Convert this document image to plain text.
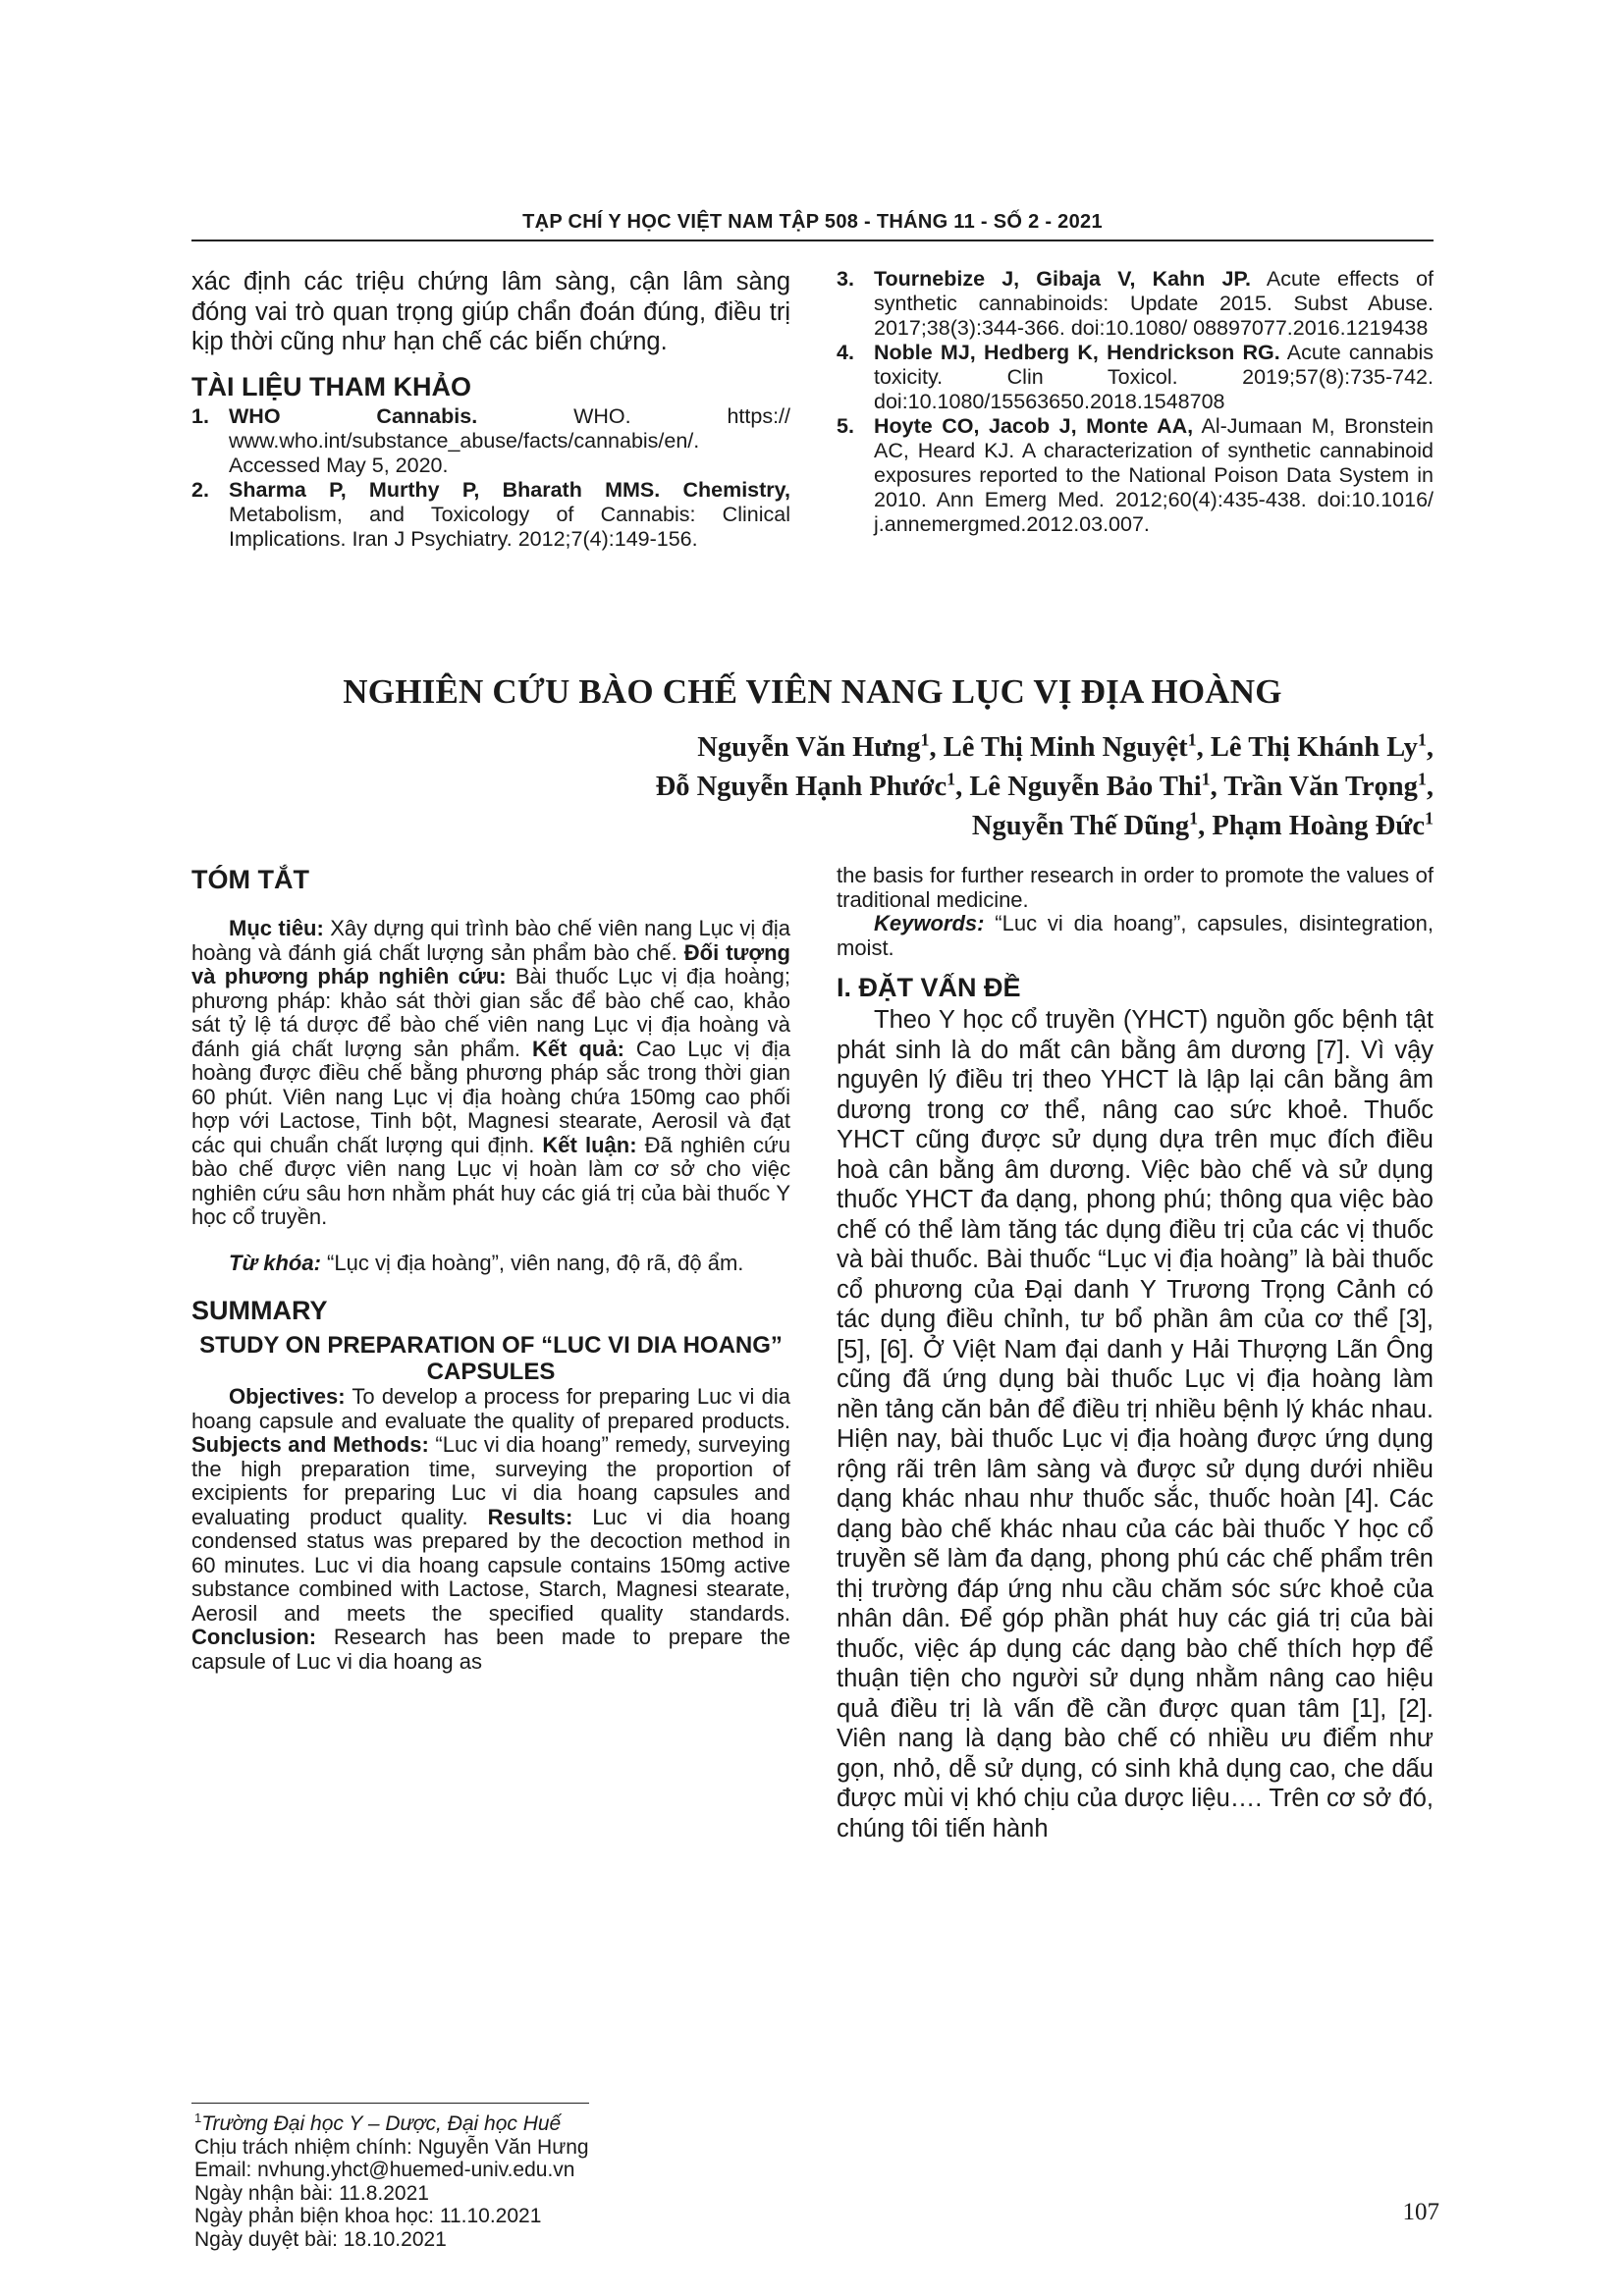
TẠP CHÍ Y HỌC VIỆT NAM TẬP 508 - THÁNG 11 - SỐ 2 - 2021

xác định các triệu chứng lâm sàng, cận lâm sàng đóng vai trò quan trọng giúp chẩn đoán đúng, điều trị kịp thời cũng như hạn chế các biến chứng.

TÀI LIỆU THAM KHẢO
1. WHO Cannabis. WHO. https:// www.who.int/substance_abuse/facts/cannabis/en/. Accessed May 5, 2020.
2. Sharma P, Murthy P, Bharath MMS. Chemistry, Metabolism, and Toxicology of Cannabis: Clinical Implications. Iran J Psychiatry. 2012;7(4):149-156.
3. Tournebize J, Gibaja V, Kahn JP. Acute effects of synthetic cannabinoids: Update 2015. Subst Abuse. 2017;38(3):344-366. doi:10.1080/ 08897077.2016.1219438
4. Noble MJ, Hedberg K, Hendrickson RG. Acute cannabis toxicity. Clin Toxicol. 2019;57(8):735-742. doi:10.1080/15563650.2018.1548708
5. Hoyte CO, Jacob J, Monte AA, Al-Jumaan M, Bronstein AC, Heard KJ. A characterization of synthetic cannabinoid exposures reported to the National Poison Data System in 2010. Ann Emerg Med. 2012;60(4):435-438. doi:10.1016/ j.annemergmed.2012.03.007.
NGHIÊN CỨU BÀO CHẾ VIÊN NANG LỤC VỊ ĐỊA HOÀNG
Nguyễn Văn Hưng$^1$, Lê Thị Minh Nguyệt$^1$, Lê Thị Khánh Ly$^1$,
Đỗ Nguyễn Hạnh Phước$^1$, Lê Nguyễn Bảo Thi$^1$, Trần Văn Trọng$^1$,
Nguyễn Thế Dũng$^1$, Phạm Hoàng Đức$^1$
TÓM TẮT

Mục tiêu: Xây dựng qui trình bào chế viên nang Lục vị địa hoàng và đánh giá chất lượng sản phẩm bào chế. Đối tượng và phương pháp nghiên cứu: Bài thuốc Lục vị địa hoàng; phương pháp: khảo sát thời gian sắc để bào chế cao, khảo sát tỷ lệ tá dược để bào chế viên nang Lục vị địa hoàng và đánh giá chất lượng sản phẩm. Kết quả: Cao Lục vị địa hoàng được điều chế bằng phương pháp sắc trong thời gian 60 phút. Viên nang Lục vị địa hoàng chứa 150mg cao phối hợp với Lactose, Tinh bột, Magnesi stearate, Aerosil và đạt các qui chuẩn chất lượng qui định. Kết luận: Đã nghiên cứu bào chế được viên nang Lục vị hoàn làm cơ sở cho việc nghiên cứu sâu hơn nhằm phát huy các giá trị của bài thuốc Y học cổ truyền.

Từ khóa: “Lục vị địa hoàng”, viên nang, độ rã, độ ẩm.

SUMMARY

STUDY ON PREPARATION OF “LUC VI DIA HOANG” CAPSULES

Objectives: To develop a process for preparing Luc vi dia hoang capsule and evaluate the quality of prepared products. Subjects and Methods: “Luc vi dia hoang” remedy, surveying the high preparation time, surveying the proportion of excipients for preparing Luc vi dia hoang capsules and evaluating product quality. Results: Luc vi dia hoang condensed status was prepared by the decoction method in 60 minutes. Luc vi dia hoang capsule contains 150mg active substance combined with Lactose, Starch, Magnesi stearate, Aerosil and meets the specified quality standards. Conclusion: Research has been made to prepare the capsule of Luc vi dia hoang as

$^1$Trường Đại học Y – Dược, Đại học Huế
Chịu trách nhiệm chính: Nguyễn Văn Hưng
Email: nvhung.yhct@huemed-univ.edu.vn
Ngày nhận bài: 11.8.2021
Ngày phản biện khoa học: 11.10.2021
Ngày duyệt bài: 18.10.2021

the basis for further research in order to promote the values of traditional medicine.

Keywords: “Luc vi dia hoang”, capsules, disintegration, moist.

I. ĐẶT VẤN ĐỀ

Theo Y học cổ truyền (YHCT) nguồn gốc bệnh tật phát sinh là do mất cân bằng âm dương [7]. Vì vậy nguyên lý điều trị theo YHCT là lập lại cân bằng âm dương trong cơ thể, nâng cao sức khoẻ. Thuốc YHCT cũng được sử dụng dựa trên mục đích điều hoà cân bằng âm dương. Việc bào chế và sử dụng thuốc YHCT đa dạng, phong phú; thông qua việc bào chế có thể làm tăng tác dụng điều trị của các vị thuốc và bài thuốc. Bài thuốc “Lục vị địa hoàng” là bài thuốc cổ phương của Đại danh Y Trương Trọng Cảnh có tác dụng điều chỉnh, tư bổ phần âm của cơ thể [3], [5], [6]. Ở Việt Nam đại danh y Hải Thượng Lãn Ông cũng đã ứng dụng bài thuốc Lục vị địa hoàng làm nền tảng căn bản để điều trị nhiều bệnh lý khác nhau. Hiện nay, bài thuốc Lục vị địa hoàng được ứng dụng rộng rãi trên lâm sàng và được sử dụng dưới nhiều dạng khác nhau như thuốc sắc, thuốc hoàn [4]. Các dạng bào chế khác nhau của các bài thuốc Y học cổ truyền sẽ làm đa dạng, phong phú các chế phẩm trên thị trường đáp ứng nhu cầu chăm sóc sức khoẻ của nhân dân. Để góp phần phát huy các giá trị của bài thuốc, việc áp dụng các dạng bào chế thích hợp để thuận tiện cho người sử dụng nhằm nâng cao hiệu quả điều trị là vấn đề cần được quan tâm [1], [2]. Viên nang là dạng bào chế có nhiều ưu điểm như gọn, nhỏ, dễ sử dụng, có sinh khả dụng cao, che dấu được mùi vị khó chịu của dược liệu…. Trên cơ sở đó, chúng tôi tiến hành

107
